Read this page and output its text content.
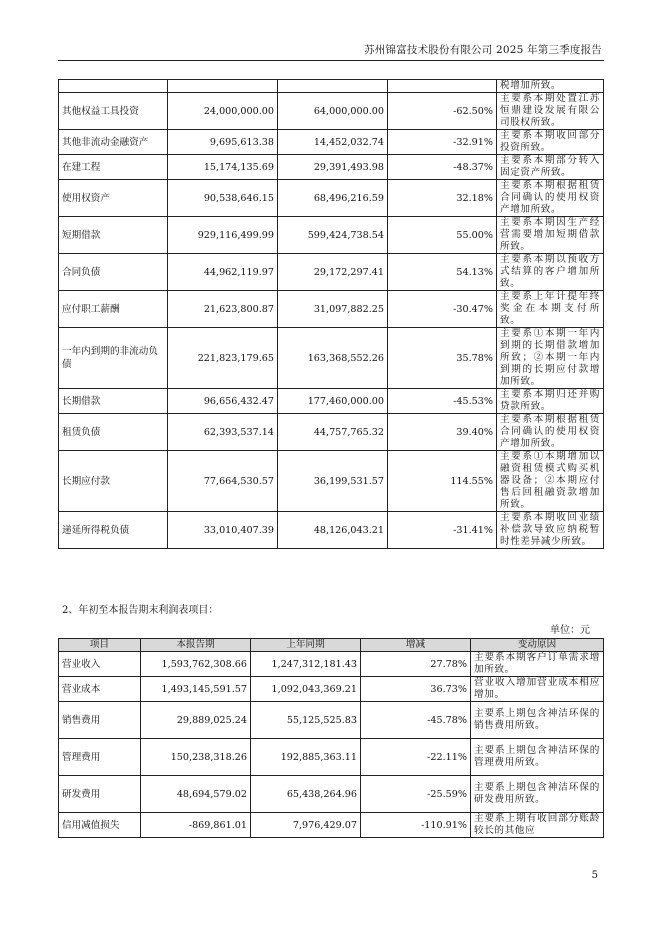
苏州锦富技术股份有限公司 2025 年第三季度报告
				税增加所致。
其他权益工具投资	24,000,000.00	64,000,000.00	-62.50%	主要系本期处置江苏恒鼎建设发展有限公司股权所致。
其他非流动金融资产	9,695,613.38	14,452,032.74	-32.91%	主要系本期收回部分投资所致。
在建工程	15,174,135.69	29,391,493.98	-48.37%	主要系本期部分转入固定资产所致。
使用权资产	90,538,646.15	68,496,216.59	32.18%	主要系本期根据租赁合同确认的使用权资产增加所致。
短期借款	929,116,499.99	599,424,738.54	55.00%	主要系本期因生产经营需要增加短期借款所致。
合同负债	44,962,119.97	29,172,297.41	54.13%	主要系本期以预收方式结算的客户增加所致。
应付职工薪酬	21,623,800.87	31,097,882.25	-30.47%	主要系上年计提年终奖金在本期支付所致。
一年内到期的非流动负债	221,823,179.65	163,368,552.26	35.78%	主要系①本期一年内到期的长期借款增加所致；②本期一年内到期的长期应付款增加所致。
长期借款	96,656,432.47	177,460,000.00	-45.53%	主要系本期归还并购贷款所致。
租赁负债	62,393,537.14	44,757,765.32	39.40%	主要系本期根据租赁合同确认的使用权资产增加所致。
长期应付款	77,664,530.57	36,199,531.57	114.55%	主要系①本期增加以融资租赁模式购买机器设备；②本期应付售后回租融资款增加所致。
递延所得税负债	33,010,407.39	48,126,043.21	-31.41%	主要系本期收回业绩补偿款导致应纳税暂时性差异减少所致。
2、年初至本报告期末利润表项目：
单位：元
项目	本报告期	上年同期	增减	变动原因
营业收入	1,593,762,308.66	1,247,312,181.43	27.78%	主要系本期客户订单需求增加所致。
营业成本	1,493,145,591.57	1,092,043,369.21	36.73%	营业收入增加营业成本相应增加。
销售费用	29,889,025.24	55,125,525.83	-45.78%	主要系上期包含神洁环保的销售费用所致。
管理费用	150,238,318.26	192,885,363.11	-22.11%	主要系上期包含神洁环保的管理费用所致。
研发费用	48,694,579.02	65,438,264.96	-25.59%	主要系上期包含神洁环保的研发费用所致。
信用减值损失	-869,861.01	7,976,429.07	-110.91%	主要系上期有收回部分账龄较长的其他应
5
